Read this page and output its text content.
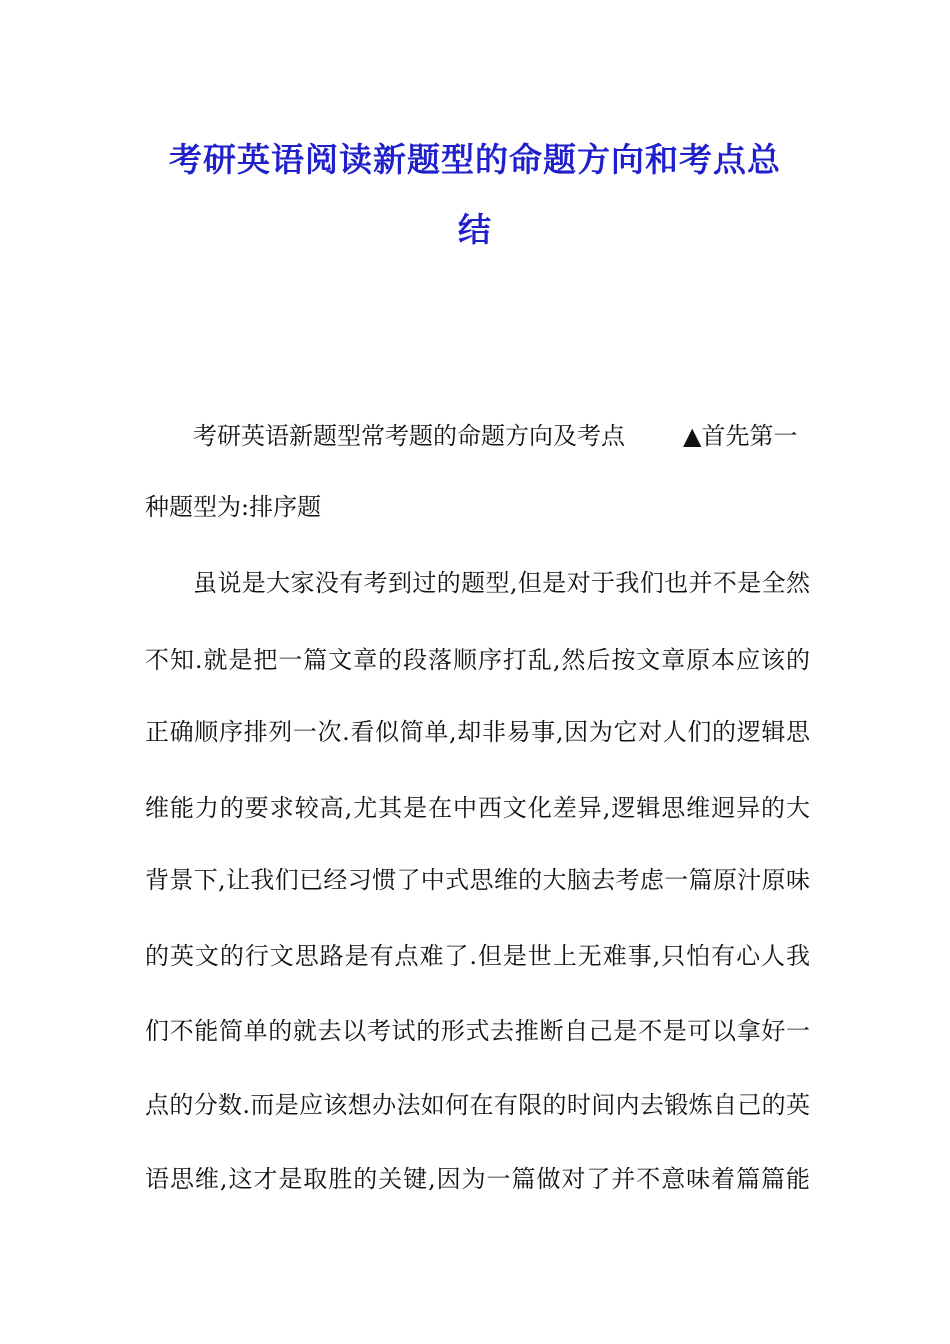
考研英语阅读新题型的命题方向和考点总
结
考研英语新题型常考题的命题方向及考点 ▲首先第一
种题型为:排序题
虽说是大家没有考到过的题型,但是对于我们也并不是全然
不知.就是把一篇文章的段落顺序打乱,然后按文章原本应该的
正确顺序排列一次.看似简单,却非易事,因为它对人们的逻辑思
维能力的要求较高,尤其是在中西文化差异,逻辑思维迥异的大
背景下,让我们已经习惯了中式思维的大脑去考虑一篇原汁原味
的英文的行文思路是有点难了.但是世上无难事,只怕有心人我
们不能简单的就去以考试的形式去推断自己是不是可以拿好一
点的分数.而是应该想办法如何在有限的时间内去锻炼自己的英
语思维,这才是取胜的关键,因为一篇做对了并不意味着篇篇能
